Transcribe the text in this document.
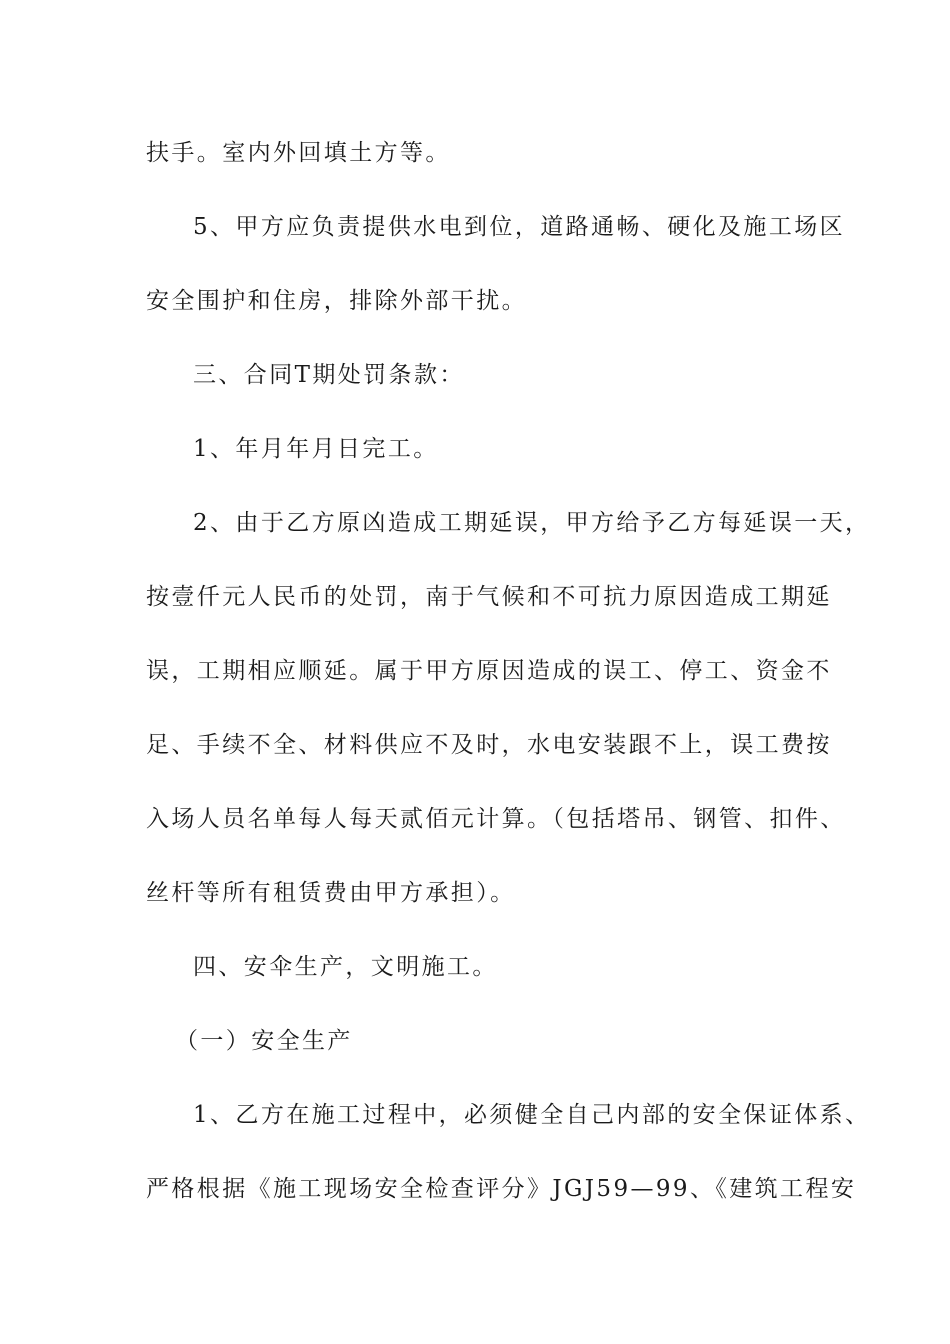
扶手。室内外回填土方等。
5、甲方应负责提供水电到位，道路通畅、硬化及施工场区
安全围护和住房，排除外部干扰。
三、合同T期处罚条款：
1、年月年月日完工。
2、由于乙方原凶造成工期延误，甲方给予乙方每延误一天，
按壹仟元人民币的处罚，南于气候和不可抗力原因造成工期延
误，工期相应顺延。属于甲方原因造成的误工、停工、资金不
足、手续不全、材料供应不及时，水电安装跟不上，误工费按
入场人员名单每人每天贰佰元计算。（包括塔吊、钢管、扣件、
丝杆等所有租赁费由甲方承担）。
四、安伞生产，文明施工。
（一）安全生产
1、乙方在施工过程中，必须健全自己内部的安全保证体系、
严格根据《施工现场安全检查评分》JGJ59—99、《建筑工程安
